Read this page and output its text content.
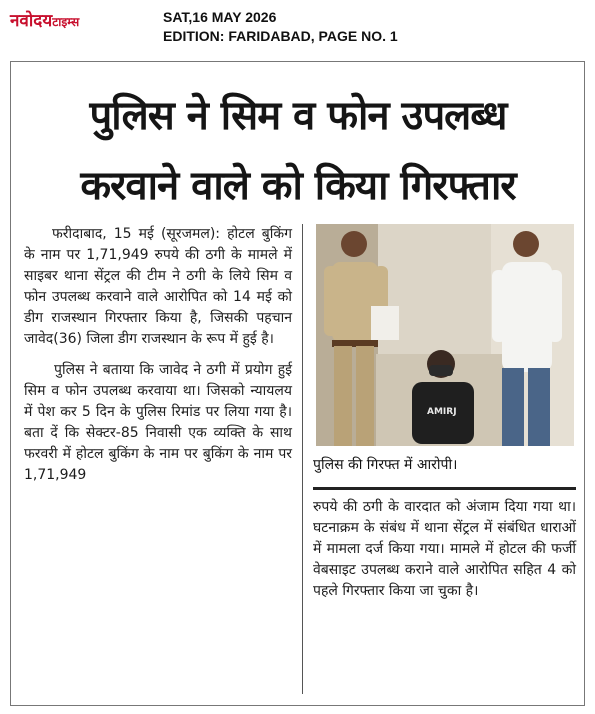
नवोदयटाइम्स	SAT,16 MAY 2026
EDITION: FARIDABAD, PAGE NO. 1
पुलिस ने सिम व फोन उपलब्ध
करवाने वाले को किया गिरफ्तार

फरीदाबाद, 15 मई (सूरजमल): होटल बुकिंग के नाम पर 1,71,949 रुपये की ठगी के मामले में साइबर थाना सेंट्रल की टीम ने ठगी के लिये सिम व फोन उपलब्ध करवाने वाले आरोपित को 14 मई को डीग राजस्थान गिरफ्तार किया है, जिसकी पहचान जावेद(36) जिला डीग राजस्थान के रूप में हुई है।

पुलिस ने बताया कि जावेद ने ठगी में प्रयोग हुई सिम व फोन उपलब्ध करवाया था। जिसको न्यायलय में पेश कर 5 दिन के पुलिस रिमांड पर लिया गया है। बता दें कि सेक्टर-85 निवासी एक व्यक्ति के साथ फरवरी में होटल बुकिंग के नाम पर बुकिंग के नाम पर 1,71,949

AMIRJ
पुलिस की गिरफ्त में आरोपी।

रुपये की ठगी के वारदात को अंजाम दिया गया था। घटनाक्रम के संबंध में थाना सेंट्रल में संबंधित धाराओं में मामला दर्ज किया गया। मामले में होटल की फर्जी वेबसाइट उपलब्ध कराने वाले आरोपित सहित 4 को पहले गिरफ्तार किया जा चुका है।
